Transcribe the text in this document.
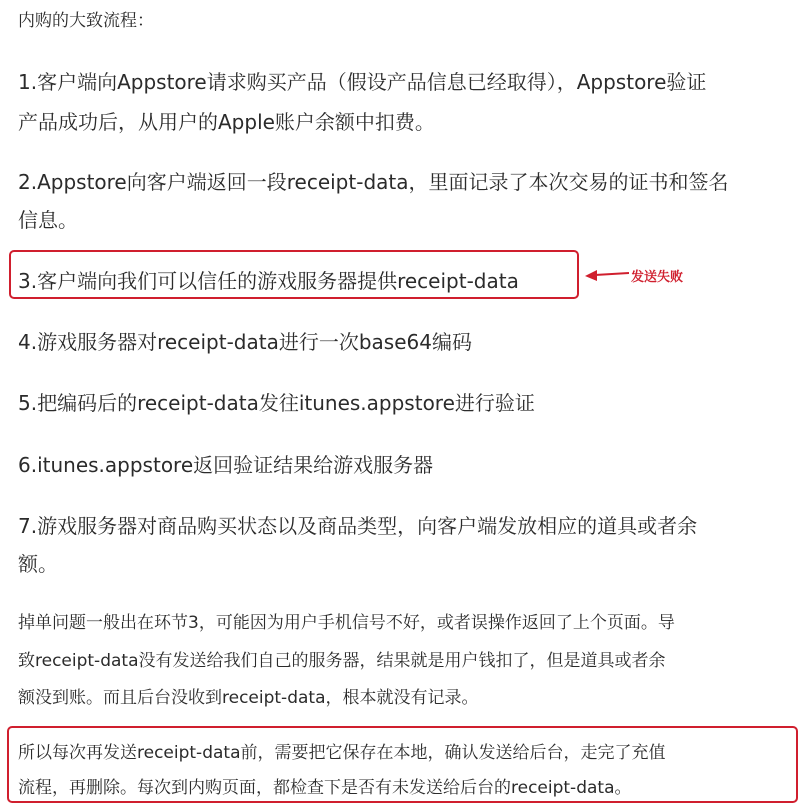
内购的大致流程：
1.客户端向Appstore请求购买产品（假设产品信息已经取得），Appstore验证
产品成功后，从用户的Apple账户余额中扣费。
2.Appstore向客户端返回一段receipt-data，里面记录了本次交易的证书和签名
信息。
3.客户端向我们可以信任的游戏服务器提供receipt-data	发送失败
4.游戏服务器对receipt-data进行一次base64编码
5.把编码后的receipt-data发往itunes.appstore进行验证
6.itunes.appstore返回验证结果给游戏服务器
7.游戏服务器对商品购买状态以及商品类型，向客户端发放相应的道具或者余
额。
掉单问题一般出在环节3，可能因为用户手机信号不好，或者误操作返回了上个页面。导
致receipt-data没有发送给我们自己的服务器，结果就是用户钱扣了，但是道具或者余
额没到账。而且后台没收到receipt-data，根本就没有记录。
所以每次再发送receipt-data前，需要把它保存在本地，确认发送给后台，走完了充值
流程，再删除。每次到内购页面，都检查下是否有未发送给后台的receipt-data。
